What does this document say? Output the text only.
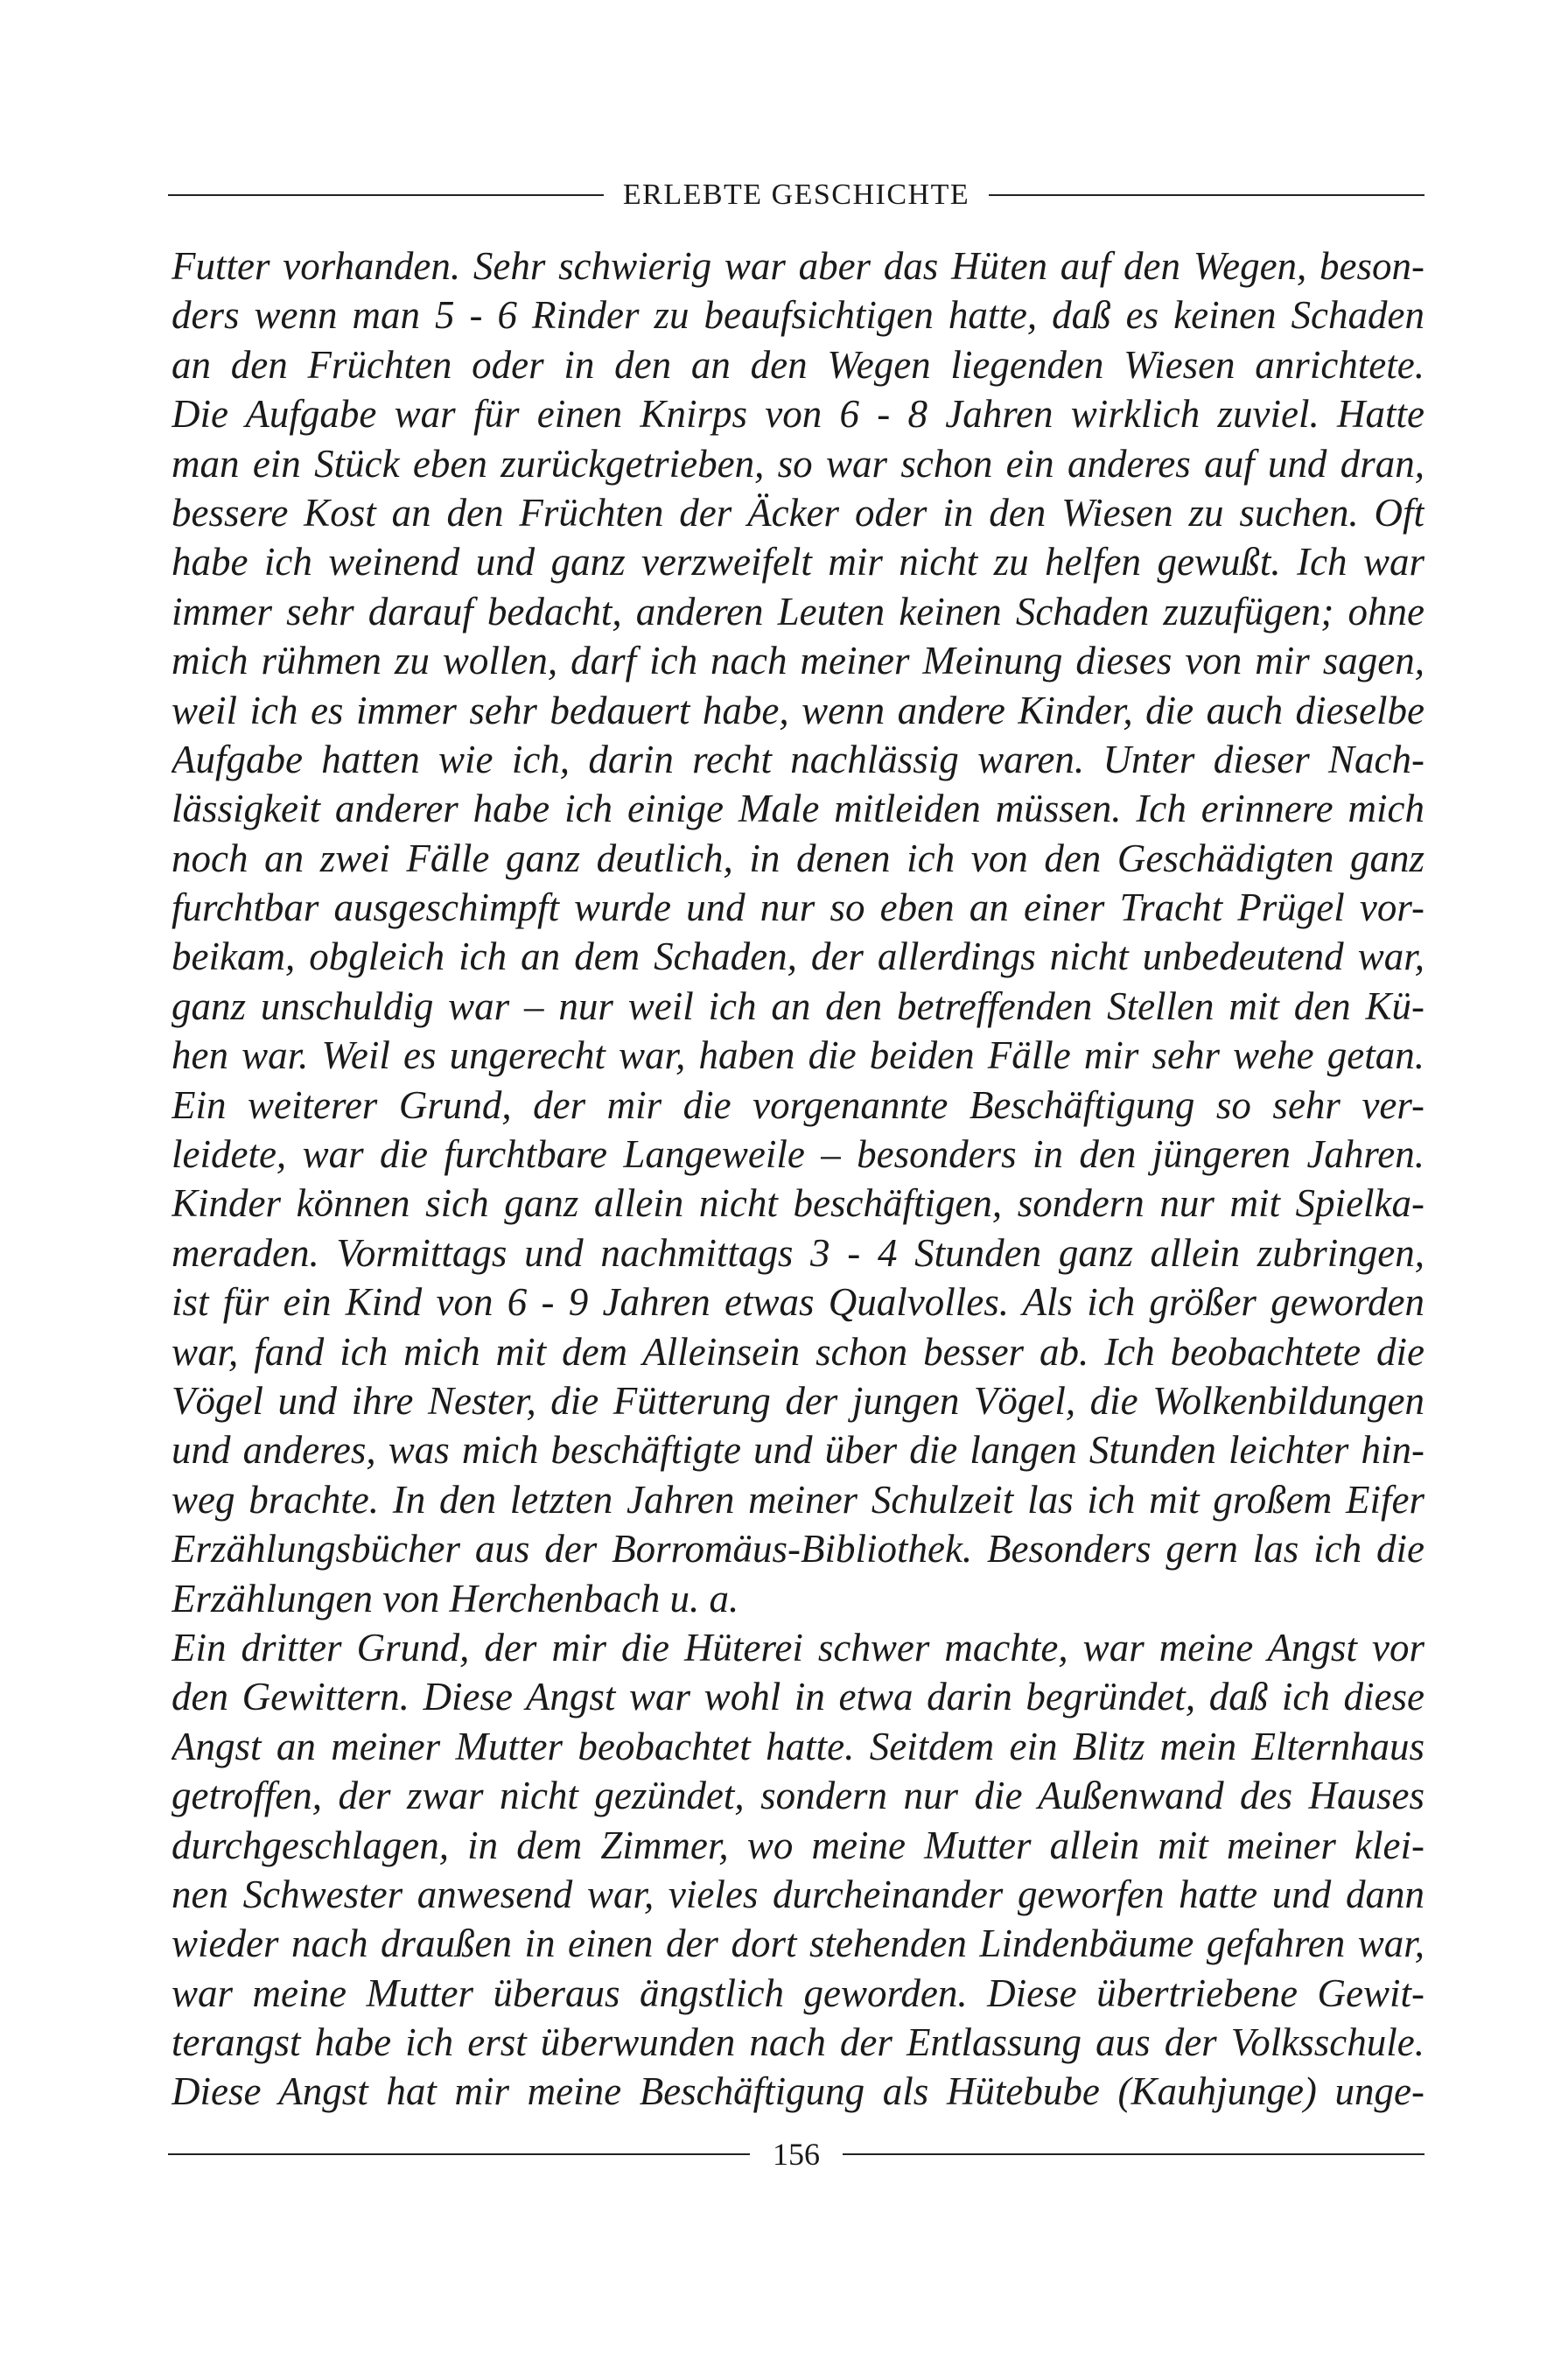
ERLEBTE GESCHICHTE
Futter vorhanden. Sehr schwierig war aber das Hüten auf den Wegen, beson-
ders wenn man 5 - 6 Rinder zu beaufsichtigen hatte, daß es keinen Schaden
an den Früchten oder in den an den Wegen liegenden Wiesen anrichtete.
Die Aufgabe war für einen Knirps von 6 - 8 Jahren wirklich zuviel. Hatte
man ein Stück eben zurückgetrieben, so war schon ein anderes auf und dran,
bessere Kost an den Früchten der Äcker oder in den Wiesen zu suchen. Oft
habe ich weinend und ganz verzweifelt mir nicht zu helfen gewußt. Ich war
immer sehr darauf bedacht, anderen Leuten keinen Schaden zuzufügen; ohne
mich rühmen zu wollen, darf ich nach meiner Meinung dieses von mir sagen,
weil ich es immer sehr bedauert habe, wenn andere Kinder, die auch dieselbe
Aufgabe hatten wie ich, darin recht nachlässig waren. Unter dieser Nach-
lässigkeit anderer habe ich einige Male mitleiden müssen. Ich erinnere mich
noch an zwei Fälle ganz deutlich, in denen ich von den Geschädigten ganz
furchtbar ausgeschimpft wurde und nur so eben an einer Tracht Prügel vor-
beikam, obgleich ich an dem Schaden, der allerdings nicht unbedeutend war,
ganz unschuldig war – nur weil ich an den betreffenden Stellen mit den Kü-
hen war. Weil es ungerecht war, haben die beiden Fälle mir sehr wehe getan.
Ein weiterer Grund, der mir die vorgenannte Beschäftigung so sehr ver-
leidete, war die furchtbare Langeweile – besonders in den jüngeren Jahren.
Kinder können sich ganz allein nicht beschäftigen, sondern nur mit Spielka-
meraden. Vormittags und nachmittags 3 - 4 Stunden ganz allein zubringen,
ist für ein Kind von 6 - 9 Jahren etwas Qualvolles. Als ich größer geworden
war, fand ich mich mit dem Alleinsein schon besser ab. Ich beobachtete die
Vögel und ihre Nester, die Fütterung der jungen Vögel, die Wolkenbildungen
und anderes, was mich beschäftigte und über die langen Stunden leichter hin-
weg brachte. In den letzten Jahren meiner Schulzeit las ich mit großem Eifer
Erzählungsbücher aus der Borromäus-Bibliothek. Besonders gern las ich die
Erzählungen von Herchenbach u. a.
Ein dritter Grund, der mir die Hüterei schwer machte, war meine Angst vor
den Gewittern. Diese Angst war wohl in etwa darin begründet, daß ich diese
Angst an meiner Mutter beobachtet hatte. Seitdem ein Blitz mein Elternhaus
getroffen, der zwar nicht gezündet, sondern nur die Außenwand des Hauses
durchgeschlagen, in dem Zimmer, wo meine Mutter allein mit meiner klei-
nen Schwester anwesend war, vieles durcheinander geworfen hatte und dann
wieder nach draußen in einen der dort stehenden Lindenbäume gefahren war,
war meine Mutter überaus ängstlich geworden. Diese übertriebene Gewit-
terangst habe ich erst überwunden nach der Entlassung aus der Volksschule.
Diese Angst hat mir meine Beschäftigung als Hütebube (Kauhjunge) unge-
156
